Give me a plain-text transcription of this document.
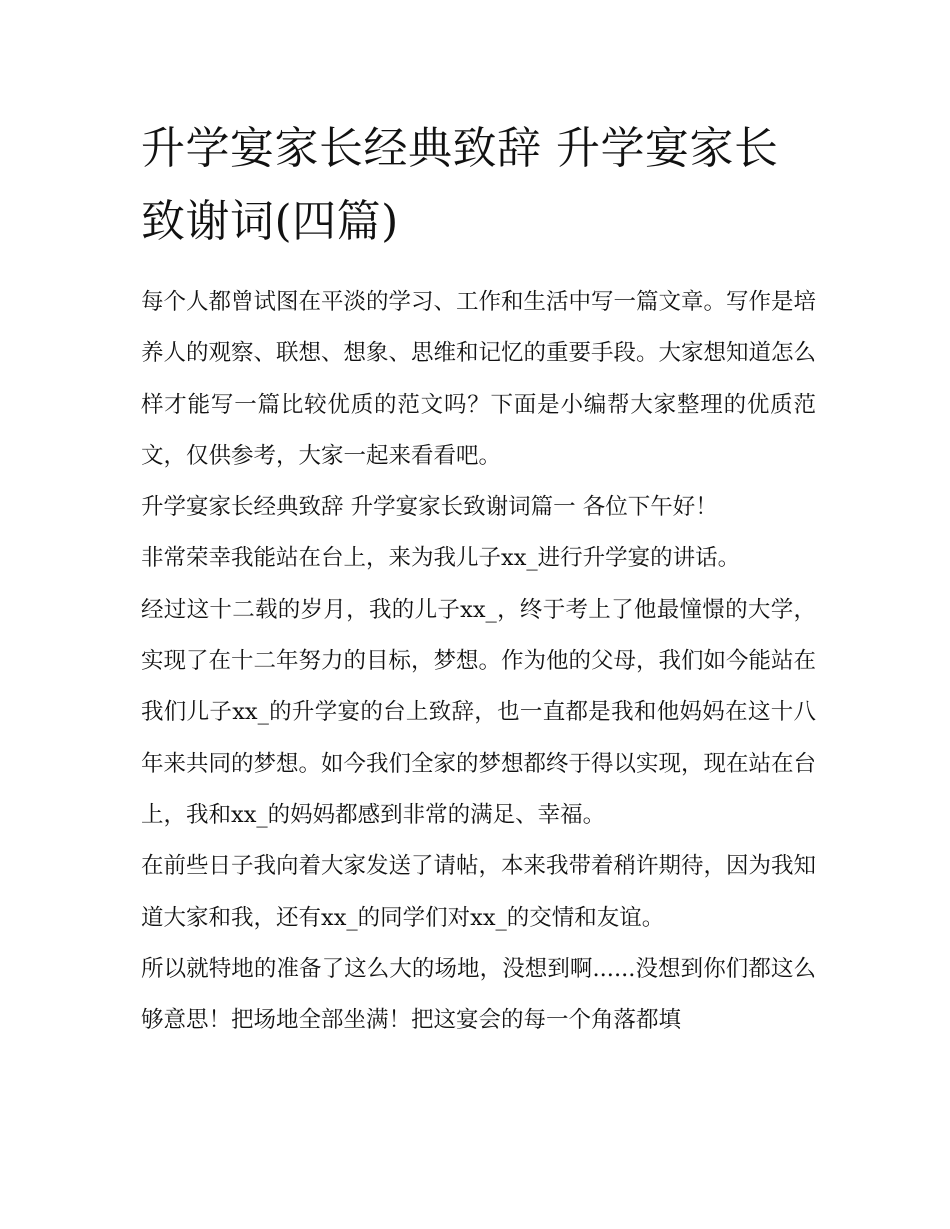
升学宴家长经典致辞 升学宴家长致谢词(四篇)

每个人都曾试图在平淡的学习、工作和生活中写一篇文章。写作是培养人的观察、联想、想象、思维和记忆的重要手段。大家想知道怎么样才能写一篇比较优质的范文吗？下面是小编帮大家整理的优质范文，仅供参考，大家一起来看看吧。

升学宴家长经典致辞 升学宴家长致谢词篇一 各位下午好！

非常荣幸我能站在台上，来为我儿子xx_进行升学宴的讲话。

经过这十二载的岁月，我的儿子xx_，终于考上了他最憧憬的大学，实现了在十二年努力的目标，梦想。作为他的父母，我们如今能站在我们儿子xx_的升学宴的台上致辞，也一直都是我和他妈妈在这十八年来共同的梦想。如今我们全家的梦想都终于得以实现，现在站在台上，我和xx_的妈妈都感到非常的满足、幸福。

在前些日子我向着大家发送了请帖，本来我带着稍许期待，因为我知道大家和我，还有xx_的同学们对xx_的交情和友谊。

所以就特地的准备了这么大的场地，没想到啊......没想到你们都这么够意思！把场地全部坐满！把这宴会的每一个角落都填
